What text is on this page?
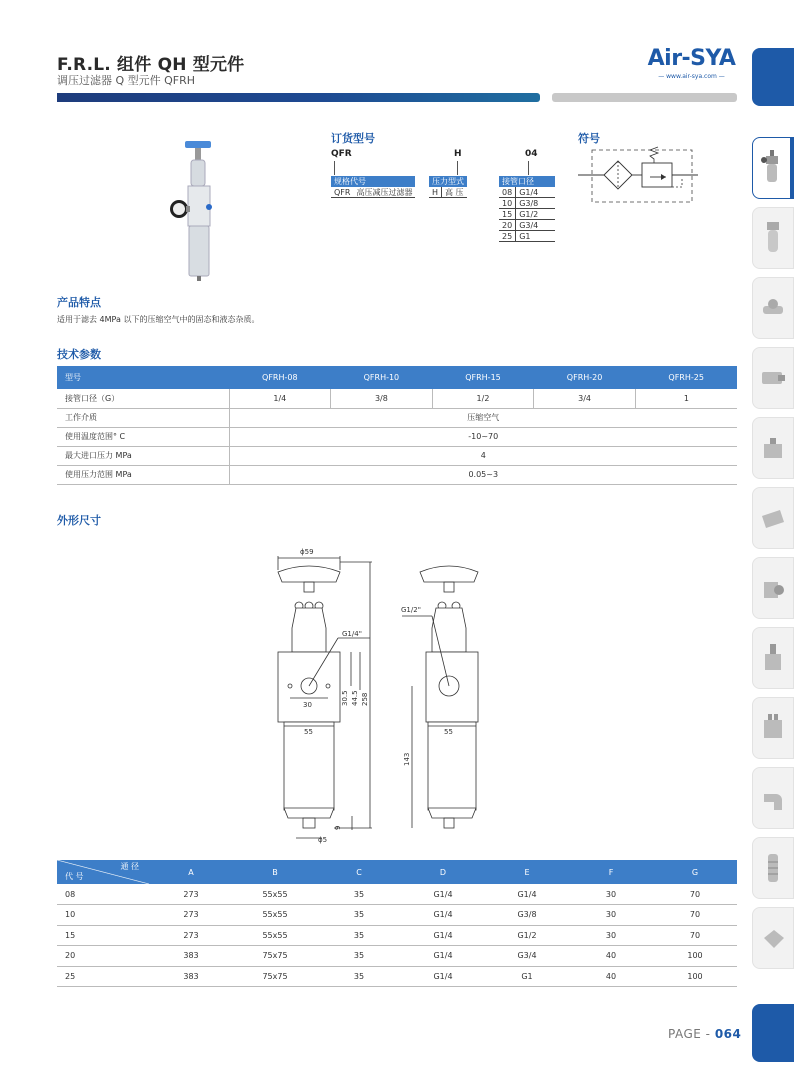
F.R.L. 组件 QH 型元件
调压过滤器 Q 型元件 QFRH
Air-SYA
— www.air-sya.com —
订货型号
QFR	H	04
规格代号
QFR 高压减压过滤器
压力型式
H 高 压
接管口径
08 G1/4
10 G3/8
15 G1/2
20 G3/4
25 G1
符号
产品特点
适用于滤去 4MPa 以下的压缩空气中的固态和液态杂质。
技术参数
型号	QFRH-08	QFRH-10	QFRH-15	QFRH-20	QFRH-25
接管口径（G）	1/4	3/8	1/2	3/4	1
工作介质	压缩空气				
使用温度范围° C	-10~70				
最大进口压力 MPa	4				
使用压力范围 MPa	0.05~3				
外形尺寸
ϕ59
G1/4"
30	30.5 44.5 258
55
9
ϕ5
G1/2"
55
143
通 径
代 号	A	B	C	D	E	F	G
08	273	55x55	35	G1/4	G1/4	30	70
10	273	55x55	35	G1/4	G3/8	30	70
15	273	55x55	35	G1/4	G1/2	30	70
20	383	75x75	35	G1/4	G3/4	40	100
25	383	75x75	35	G1/4	G1	40	100
PAGE - 064
